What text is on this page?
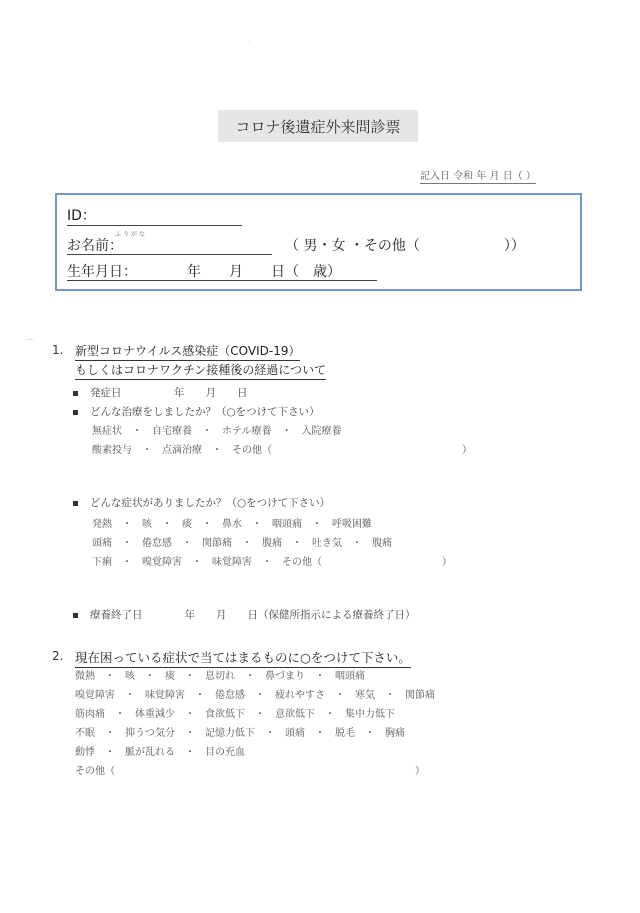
⌒
·
コロナ後遺症外来問診票
記入日 令和 年 月 日（ ）
ID：
ふりがな
お名前：	（ 男・女 ・その他（　　　　　　））
生年月日：	年　　月　　日（　歳）
1. 新型コロナウイルス感染症（COVID-19）
もしくはコロナワクチン接種後の経過について
発症日　　　　　年　　月　　日
どんな治療をしましたか？（○をつけて下さい）
無症状　・　自宅療養　・　ホテル療養　・　入院療養
酸素投与　・　点滴治療　・　その他（　　　　　　　　　　　　　　　　　　　）
どんな症状がありましたか？（○をつけて下さい）
発熱　・　咳　・　痰　・　鼻水　・　咽頭痛　・　呼吸困難
頭痛　・　倦怠感　・　関節痛　・　腹痛　・　吐き気　・　腹痛
下痢　・　嗅覚障害　・　味覚障害　・　その他（　　　　　　　　　　　　）
療養終了日　　　　年　　月　　日（保健所指示による療養終了日）
2. 現在困っている症状で当てはまるものに○をつけて下さい。
微熱　・　咳　・　痰　・　息切れ　・　鼻づまり　・　咽頭痛
嗅覚障害　・　味覚障害　・　倦怠感　・　疲れやすさ　・　寒気　・　関節痛
筋肉痛　・　体重減少　・　食欲低下　・　意欲低下　・　集中力低下
不眠　・　抑うつ気分　・　記憶力低下　・　頭痛　・　脱毛　・　胸痛
動悸　・　脈が乱れる　・　目の充血
その他（　　　　　　　　　　　　　　　　　　　　　　　　　　　　　　）
